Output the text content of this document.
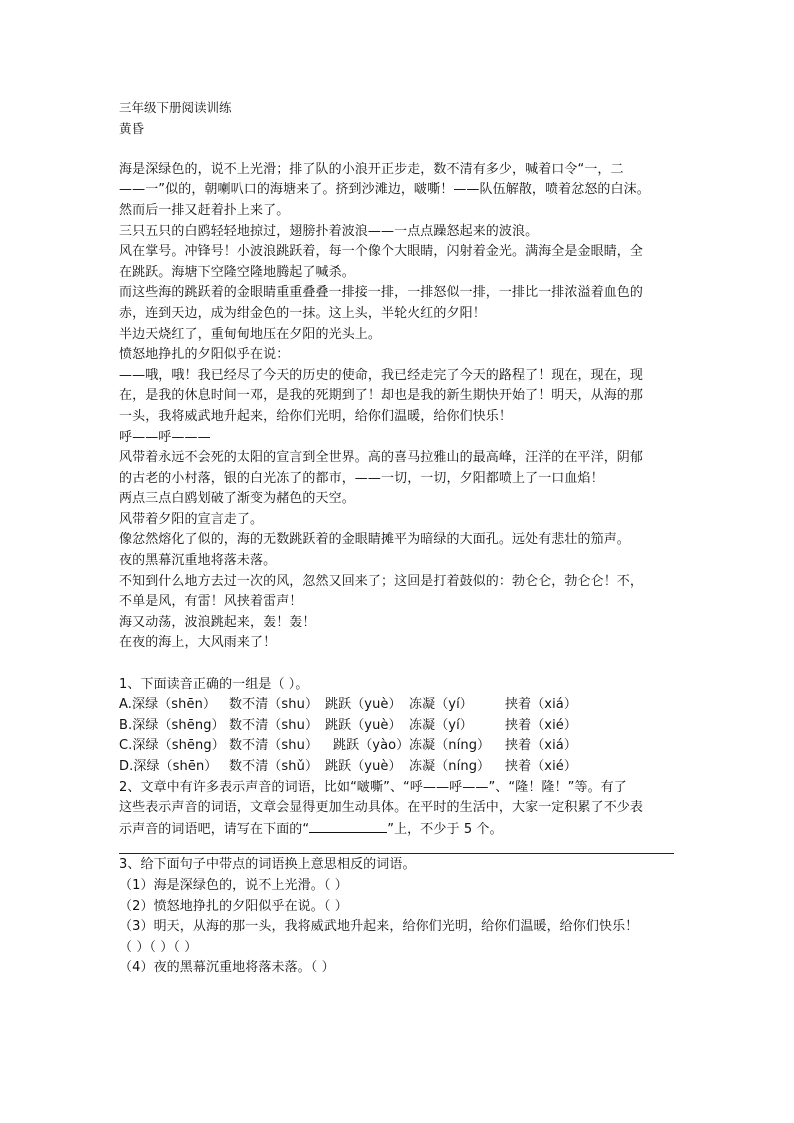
三年级下册阅读训练
黄昏
海是深绿色的，说不上光滑；排了队的小浪开正步走，数不清有多少，喊着口令“一，二
——一”似的，朝喇叭口的海塘来了。挤到沙滩边，啵嘶！——队伍解散，喷着忿怒的白沫。
然而后一排又赶着扑上来了。
三只五只的白鸥轻轻地掠过，翅膀扑着波浪——一点点躁怒起来的波浪。
风在掌号。冲锋号！小波浪跳跃着，每一个像个大眼睛，闪射着金光。满海全是金眼睛，全
在跳跃。海塘下空隆空隆地腾起了喊杀。
而这些海的跳跃着的金眼睛重重叠叠一排接一排，一排怒似一排，一排比一排浓溢着血色的
赤，连到天边，成为绀金色的一抹。这上头，半轮火红的夕阳！
半边天烧红了，重甸甸地压在夕阳的光头上。
愤怒地挣扎的夕阳似乎在说：
——哦，哦！我已经尽了今天的历史的使命，我已经走完了今天的路程了！现在，现在，现
在，是我的休息时间一邓，是我的死期到了！却也是我的新生期快开始了！明天，从海的那
一头，我将威武地升起来，给你们光明，给你们温暖，给你们快乐！
呼——呼———
风带着永远不会死的太阳的宣言到全世界。高的喜马拉雅山的最高峰，汪洋的在平洋，阴郁
的古老的小村落，银的白光冻了的都市，——一切，一切，夕阳都喷上了一口血焰！
两点三点白鸥划破了渐变为赭色的天空。
风带着夕阳的宣言走了。
像忿然熔化了似的，海的无数跳跃着的金眼睛摊平为暗绿的大面孔。远处有悲壮的笳声。
夜的黑幕沉重地将落未落。
不知到什么地方去过一次的风，忽然又回来了；这回是打着鼓似的：勃仑仑，勃仑仑！不，
不单是风，有雷！风挟着雷声！
海又动荡，波浪跳起来，轰！轰！
在夜的海上，大风雨来了！
1、下面读音正确的一组是（ ）。
A.深绿（shēn） 数不清（shu） 跳跃（yuè） 冻凝（yí） 挟着（xiá）
B.深绿（shēng） 数不清（shu） 跳跃（yuè） 冻凝（yí） 挟着（xié）
C.深绿（shēng） 数不清（shu） 跳跃（yào）冻凝（níng） 挟着（xiá）
D.深绿（shēn） 数不清（shǔ） 跳跃（yuè） 冻凝（níng） 挟着（xié）
2、文章中有许多表示声音的词语，比如“啵嘶”、“呼——呼——”、“隆！隆！”等。有了
这些表示声音的词语，文章会显得更加生动具体。在平时的生活中，大家一定积累了不少表
示声音的词语吧，请写在下面的“	”上，不少于 5 个。
3、给下面句子中带点的词语换上意思相反的词语。
（1）海是深绿色的，说不上光滑。（ ）
（2）愤怒地挣扎的夕阳似乎在说。（ ）
（3）明天，从海的那一头，我将威武地升起来，给你们光明，给你们温暖，给你们快乐！
（ ）（ ）（ ）
（4）夜的黑幕沉重地将落未落。（ ）
